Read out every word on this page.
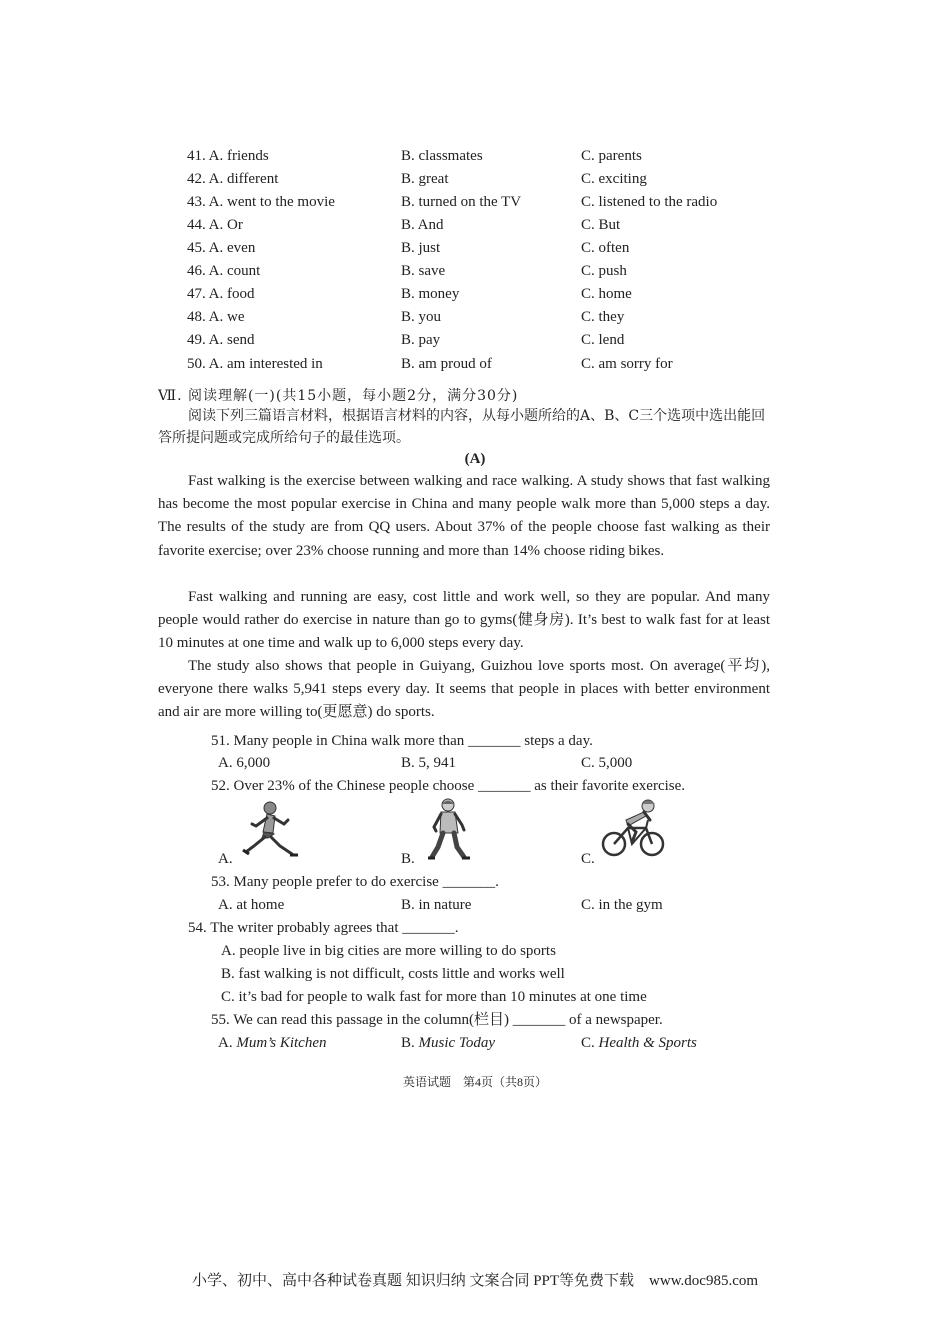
41. A. friends	B. classmates	C. parents
42. A. different	B. great	C. exciting
43. A. went to the movie	B. turned on the TV	C. listened to the radio
44. A. Or	B. And	C. But
45. A. even	B. just	C. often
46. A. count	B. save	C. push
47. A. food	B. money	C. home
48. A. we	B. you	C. they
49. A. send	B. pay	C. lend
50. A. am interested in	B. am proud of	C. am sorry for
Ⅶ. 阅读理解(一)(共15小题，每小题2分，满分30分)
阅读下列三篇语言材料，根据语言材料的内容，从每小题所给的A、B、C三个选项中选出能回答所提问题或完成所给句子的最佳选项。
(A)

Fast walking is the exercise between walking and race walking. A study shows that fast walking has become the most popular exercise in China and many people walk more than 5,000 steps a day. The results of the study are from QQ users. About 37% of the people choose fast walking as their favorite exercise; over 23% choose running and more than 14% choose riding bikes.

Fast walking and running are easy, cost little and work well, so they are popular. And many people would rather do exercise in nature than go to gyms(健身房). It’s best to walk fast for at least 10 minutes at one time and walk up to 6,000 steps every day.

The study also shows that people in Guiyang, Guizhou love sports most. On average(平均), everyone there walks 5,941 steps every day. It seems that people in places with better environment and air are more willing to(更愿意) do sports.

51. Many people in China walk more than _______ steps a day.
A. 6,000	B. 5, 941	C. 5,000
52. Over 23% of the Chinese people choose _______ as their favorite exercise.
A.	B.	C.
53. Many people prefer to do exercise _______.
A. at home	B. in nature	C. in the gym
54. The writer probably agrees that _______.
A. people live in big cities are more willing to do sports
B. fast walking is not difficult, costs little and works well
C. it’s bad for people to walk fast for more than 10 minutes at one time
55. We can read this passage in the column(栏目) _______ of a newspaper.
A. Mum’s Kitchen	B. Music Today	C. Health & Sports
英语试题　第4页（共8页）
小学、初中、高中各种试卷真题 知识归纳 文案合同 PPT等免费下载　www.doc985.com
